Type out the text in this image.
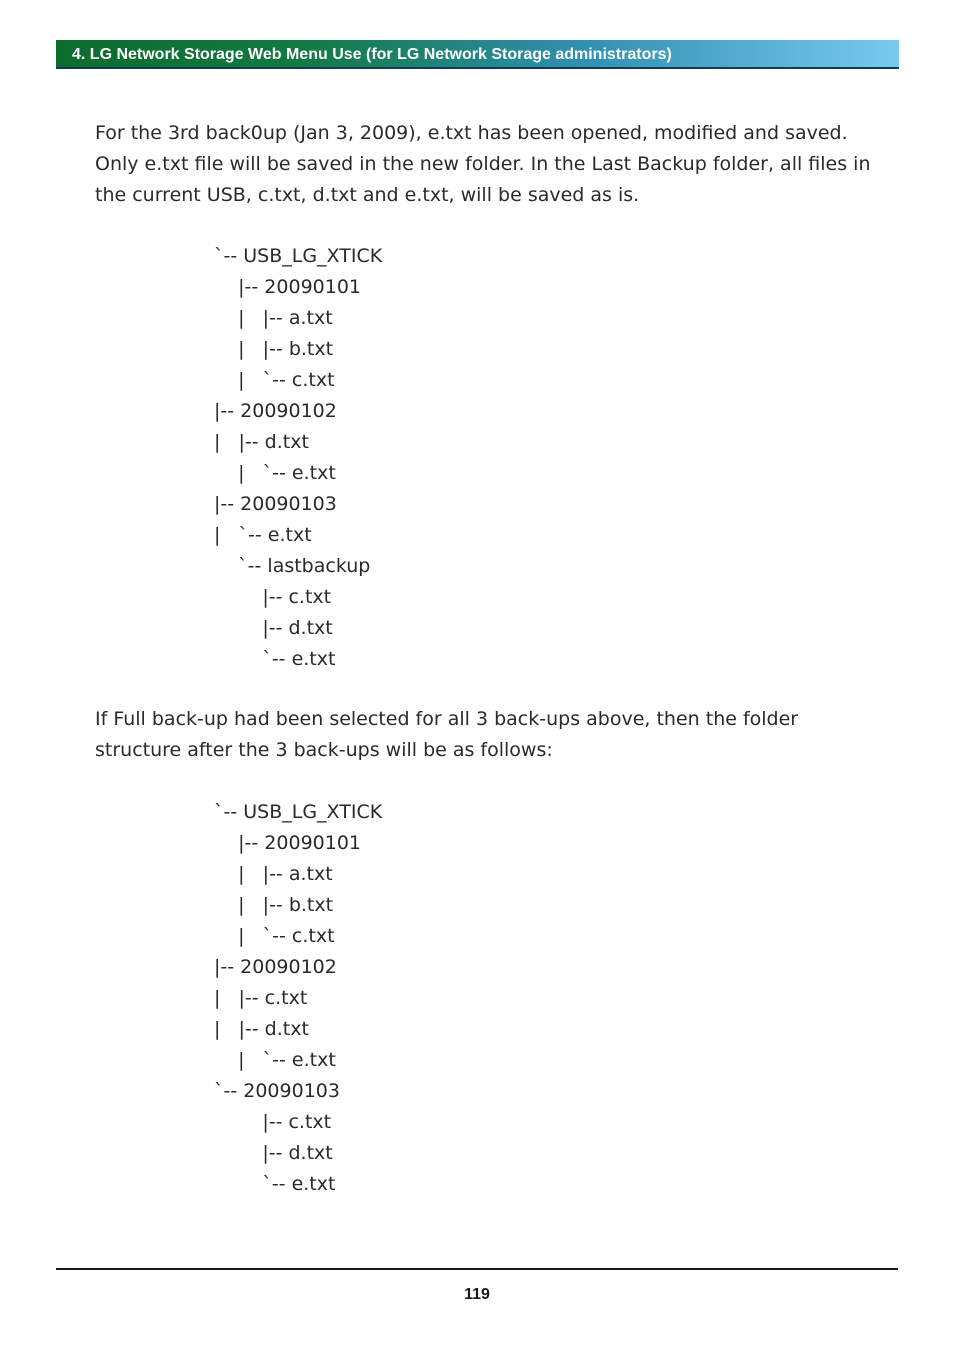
4. LG Network Storage Web Menu Use (for LG Network Storage administrators)

For the 3rd back0up (Jan 3, 2009), e.txt has been opened, modified and saved.
Only e.txt file will be saved in the new folder. In the Last Backup folder, all files in
the current USB, c.txt, d.txt and e.txt, will be saved as is.

`-- USB_LG_XTICK
|-- 20090101
|   |-- a.txt
|   |-- b.txt
|   `-- c.txt
|-- 20090102
|   |-- d.txt
|   `-- e.txt
|-- 20090103
|   `-- e.txt
`-- lastbackup
|-- c.txt
|-- d.txt
`-- e.txt

If Full back-up had been selected for all 3 back-ups above, then the folder
structure after the 3 back-ups will be as follows:

`-- USB_LG_XTICK
|-- 20090101
|   |-- a.txt
|   |-- b.txt
|   `-- c.txt
|-- 20090102
|   |-- c.txt
|   |-- d.txt
|   `-- e.txt
`-- 20090103
|-- c.txt
|-- d.txt
`-- e.txt
119
